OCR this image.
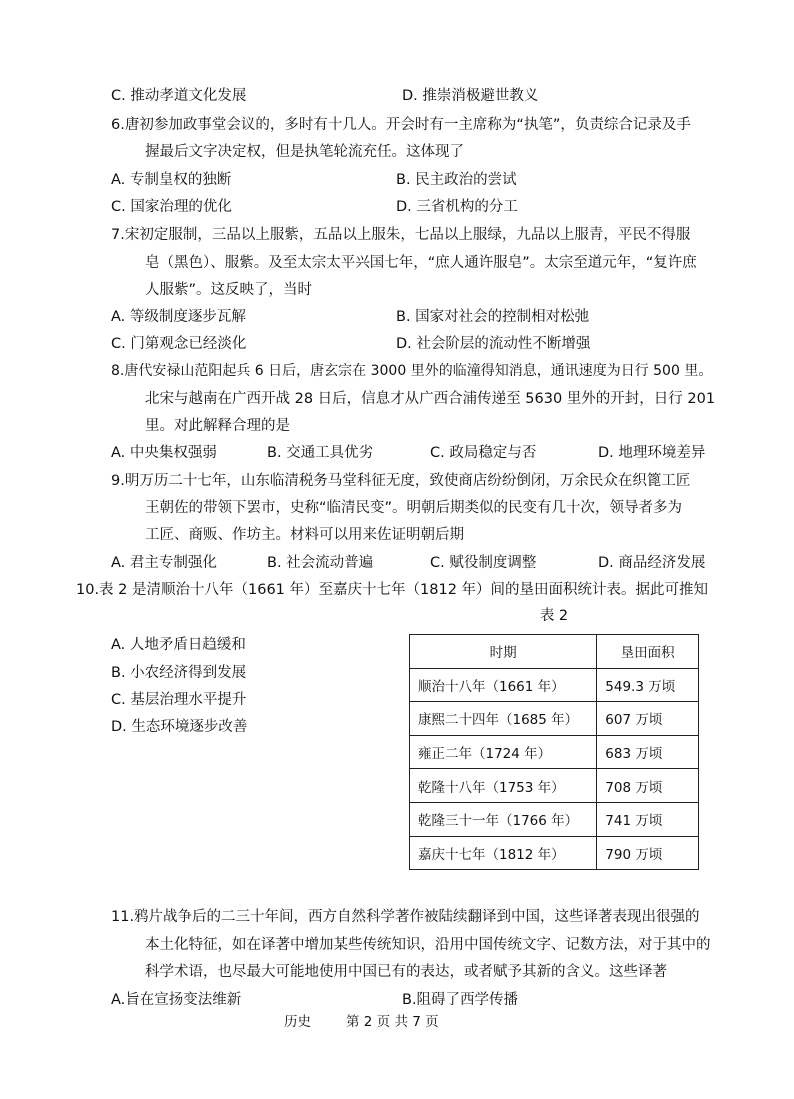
C. 推动孝道文化发展	D. 推崇消极避世教义
6.唐初参加政事堂会议的，多时有十几人。开会时有一主席称为“执笔”，负责综合记录及手
握最后文字决定权，但是执笔轮流充任。这体现了
A. 专制皇权的独断	B. 民主政治的尝试
C. 国家治理的优化	D. 三省机构的分工
7.宋初定服制，三品以上服紫，五品以上服朱，七品以上服绿，九品以上服青，平民不得服
皂（黑色）、服紫。及至太宗太平兴国七年，“庶人通许服皂”。太宗至道元年，“复许庶
人服紫”。这反映了，当时
A. 等级制度逐步瓦解	B. 国家对社会的控制相对松弛
C. 门第观念已经淡化	D. 社会阶层的流动性不断增强
8.唐代安禄山范阳起兵 6 日后，唐玄宗在 3000 里外的临潼得知消息，通讯速度为日行 500 里。
北宋与越南在广西开战 28 日后，信息才从广西合浦传递至 5630 里外的开封，日行 201
里。对此解释合理的是
A. 中央集权强弱	B. 交通工具优劣	C. 政局稳定与否	D. 地理环境差异
9.明万历二十七年，山东临清税务马堂科征无度，致使商店纷纷倒闭，万余民众在织篦工匠
王朝佐的带领下罢市，史称“临清民变”。明朝后期类似的民变有几十次，领导者多为
工匠、商贩、作坊主。材料可以用来佐证明朝后期
A. 君主专制强化	B. 社会流动普遍	C. 赋役制度调整	D. 商品经济发展
10.表 2 是清顺治十八年（1661 年）至嘉庆十七年（1812 年）间的垦田面积统计表。据此可推知
表 2
A. 人地矛盾日趋缓和
B. 小农经济得到发展
C. 基层治理水平提升
D. 生态环境逐步改善
时期	垦田面积
顺治十八年（1661 年）	549.3 万顷
康熙二十四年（1685 年）	607 万顷
雍正二年（1724 年）	683 万顷
乾隆十八年（1753 年）	708 万顷
乾隆三十一年（1766 年）	741 万顷
嘉庆十七年（1812 年）	790 万顷
11.鸦片战争后的二三十年间，西方自然科学著作被陆续翻译到中国，这些译著表现出很强的
本土化特征，如在译著中增加某些传统知识，沿用中国传统文字、记数方法，对于其中的
科学术语，也尽最大可能地使用中国已有的表达，或者赋予其新的含义。这些译著
A.旨在宣扬变法维新	B.阻碍了西学传播
历史	第 2 页 共 7 页
